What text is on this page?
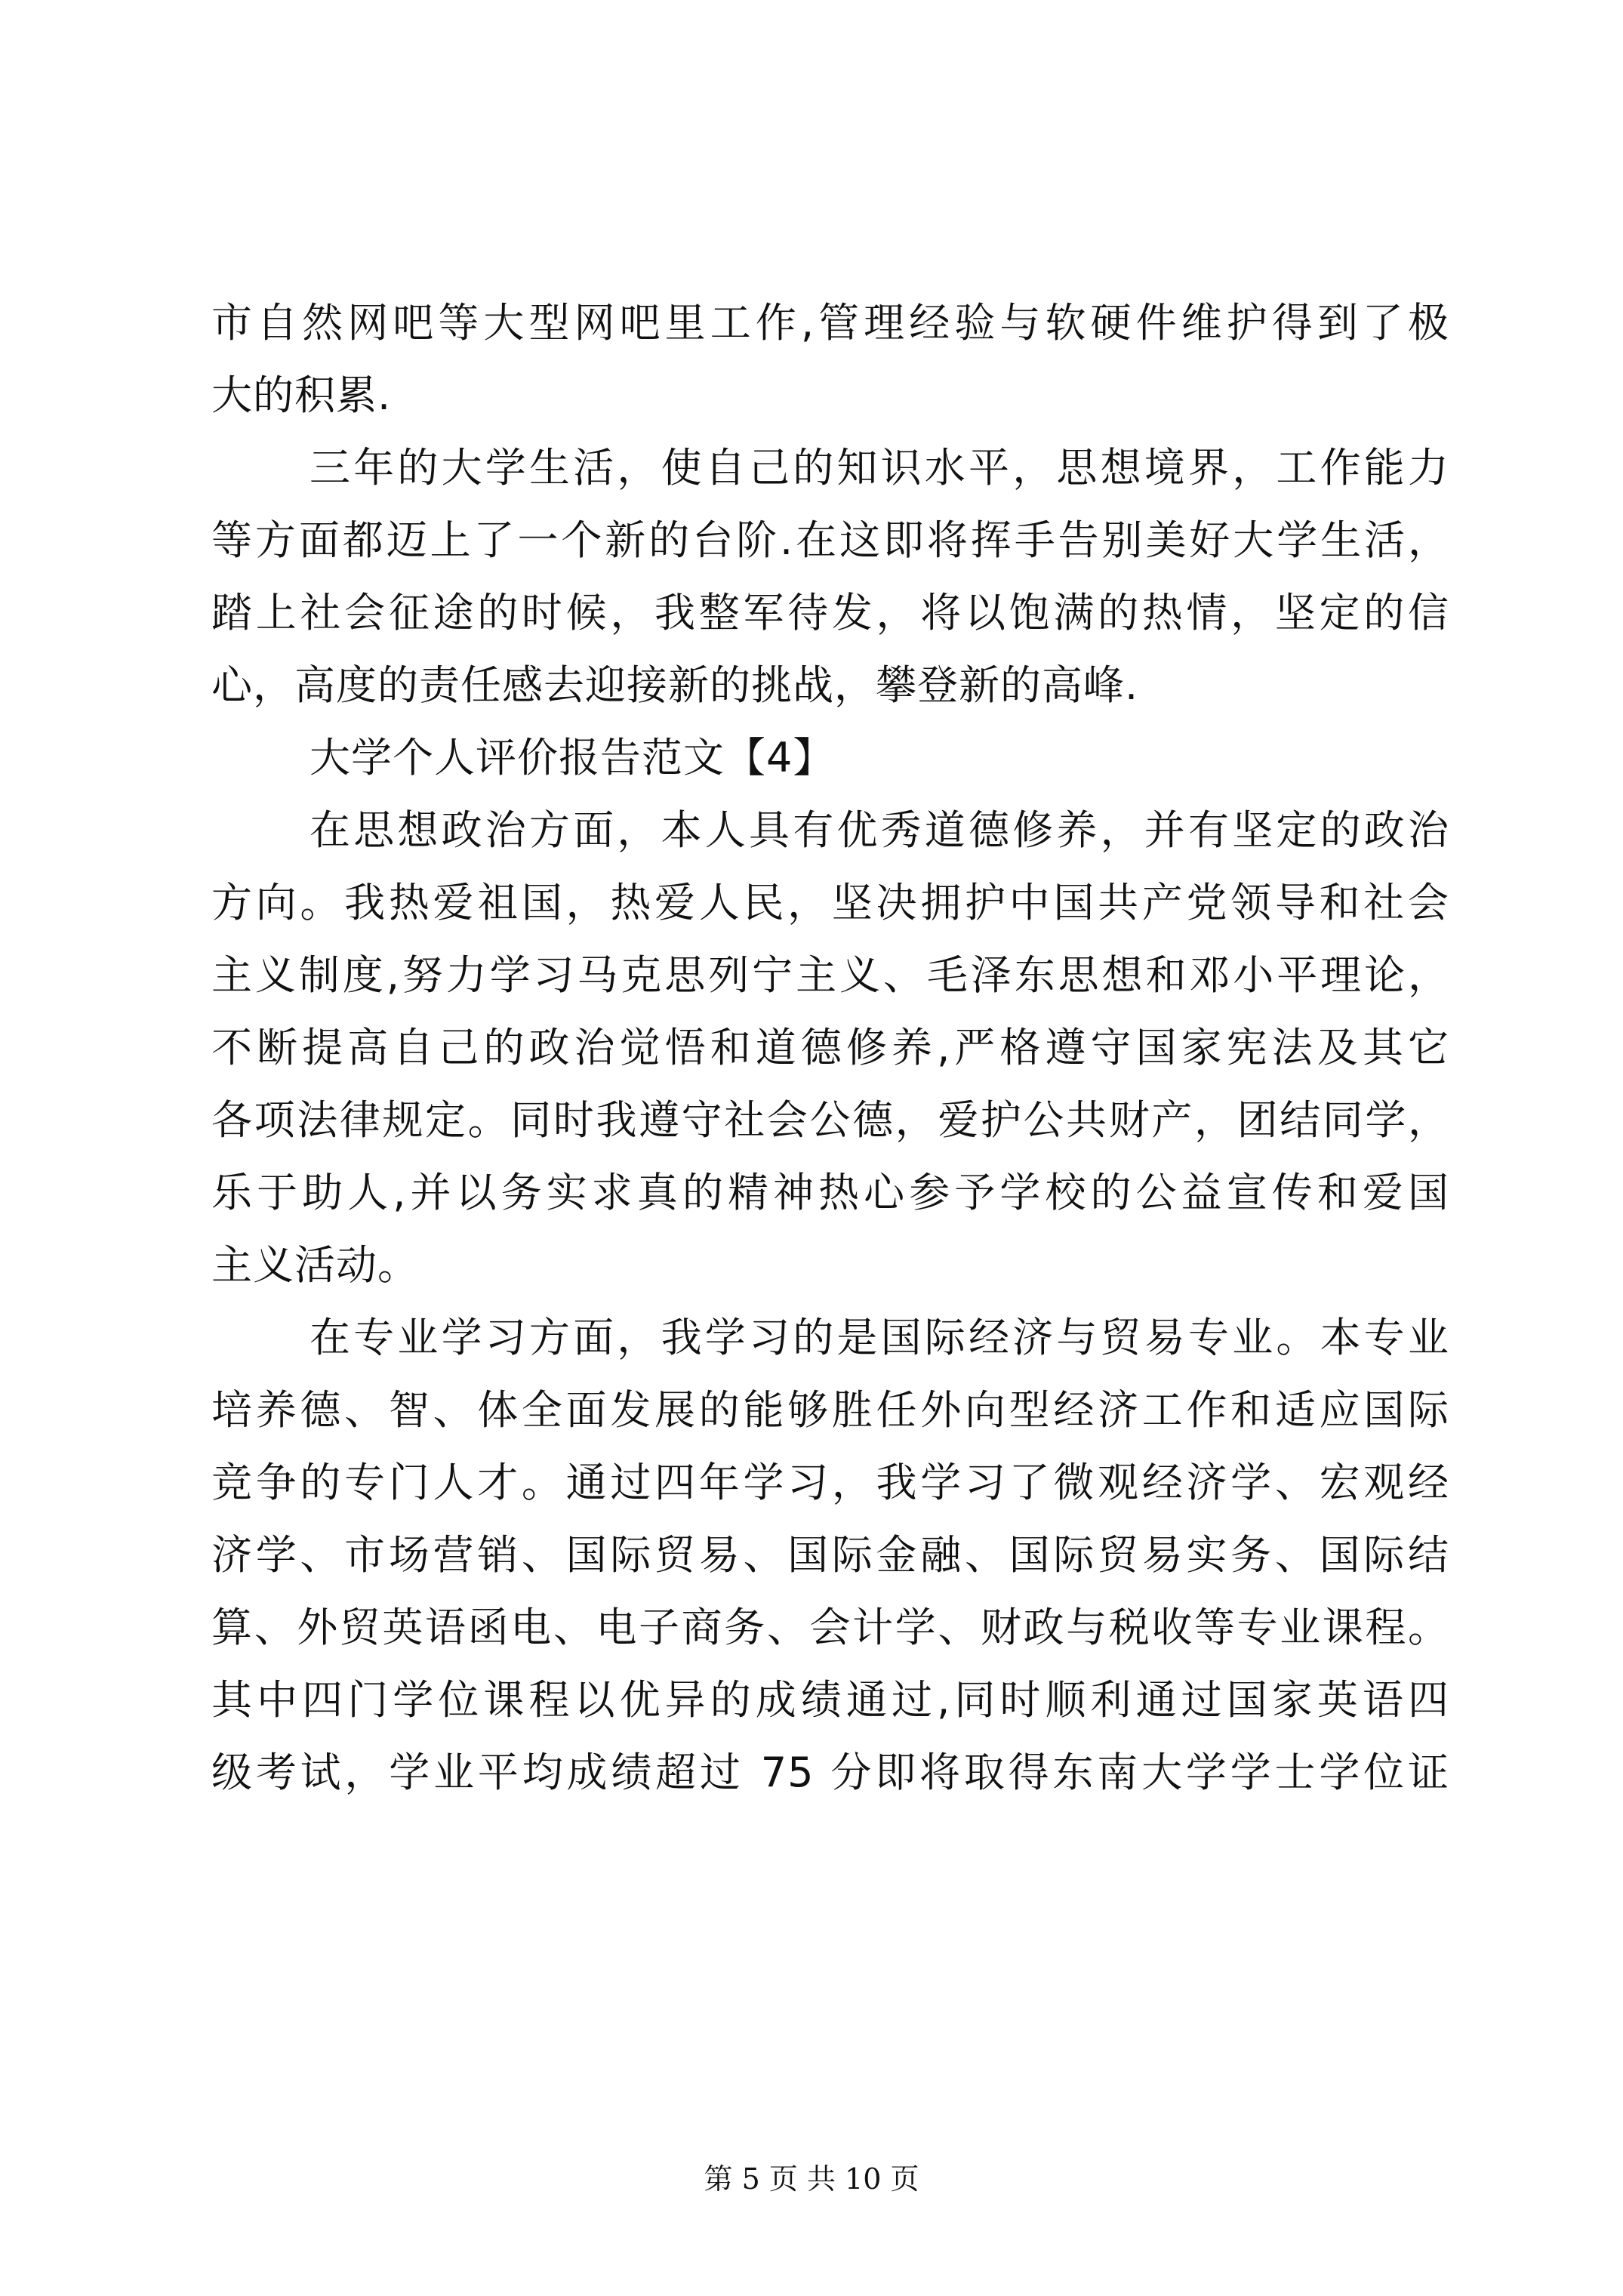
市自然网吧等大型网吧里工作,管理经验与软硬件维护得到了极
大的积累.
三年的大学生活，使自己的知识水平，思想境界，工作能力
等方面都迈上了一个新的台阶.在这即将挥手告别美好大学生活，
踏上社会征途的时候，我整军待发，将以饱满的热情，坚定的信
心，高度的责任感去迎接新的挑战，攀登新的高峰.
大学个人评价报告范文【4】
在思想政治方面，本人具有优秀道德修养，并有坚定的政治
方向。我热爱祖国，热爱人民，坚决拥护中国共产党领导和社会
主义制度,努力学习马克思列宁主义、毛泽东思想和邓小平理论，
不断提高自己的政治觉悟和道德修养,严格遵守国家宪法及其它
各项法律规定。同时我遵守社会公德，爱护公共财产，团结同学，
乐于助人,并以务实求真的精神热心参予学校的公益宣传和爱国
主义活动。
在专业学习方面，我学习的是国际经济与贸易专业。本专业
培养德、智、体全面发展的能够胜任外向型经济工作和适应国际
竞争的专门人才。通过四年学习，我学习了微观经济学、宏观经
济学、市场营销、国际贸易、国际金融、国际贸易实务、国际结
算、外贸英语函电、电子商务、会计学、财政与税收等专业课程。
其中四门学位课程以优异的成绩通过,同时顺利通过国家英语四
级考试，学业平均成绩超过 75 分即将取得东南大学学士学位证
第 5 页 共 10 页
